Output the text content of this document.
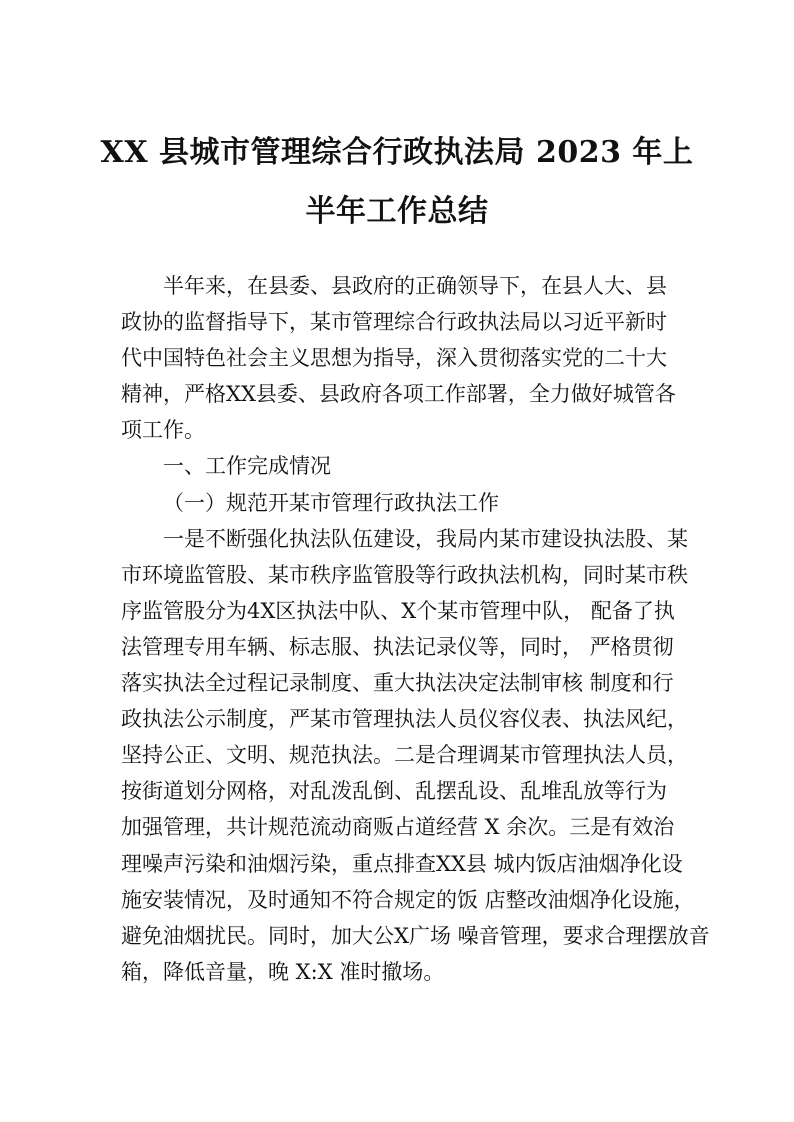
XX 县城市管理综合行政执法局 2023 年上
半年工作总结
半年来，在县委、县政府的正确领导下，在县人大、县
政协的监督指导下，某市管理综合行政执法局以习近平新时
代中国特色社会主义思想为指导，深入贯彻落实党的二十大
精神，严格XX县委、县政府各项工作部署，全力做好城管各
项工作。
一、工作完成情况
（一）规范开某市管理行政执法工作
一是不断强化执法队伍建设，我局内某市建设执法股、某
市环境监管股、某市秩序监管股等行政执法机构，同时某市秩
序监管股分为4X区执法中队、X个某市管理中队， 配备了执
法管理专用车辆、标志服、执法记录仪等，同时， 严格贯彻
落实执法全过程记录制度、重大执法决定法制审核 制度和行
政执法公示制度，严某市管理执法人员仪容仪表、执法风纪，
坚持公正、文明、规范执法。二是合理调某市管理执法人员，
按街道划分网格，对乱泼乱倒、乱摆乱设、乱堆乱放等行为
加强管理，共计规范流动商贩占道经营 X 余次。三是有效治
理噪声污染和油烟污染，重点排查XX县 城内饭店油烟净化设
施安装情况，及时通知不符合规定的饭 店整改油烟净化设施，
避免油烟扰民。同时，加大公X广场 噪音管理，要求合理摆放音
箱，降低音量，晚 X:X 准时撤场。
